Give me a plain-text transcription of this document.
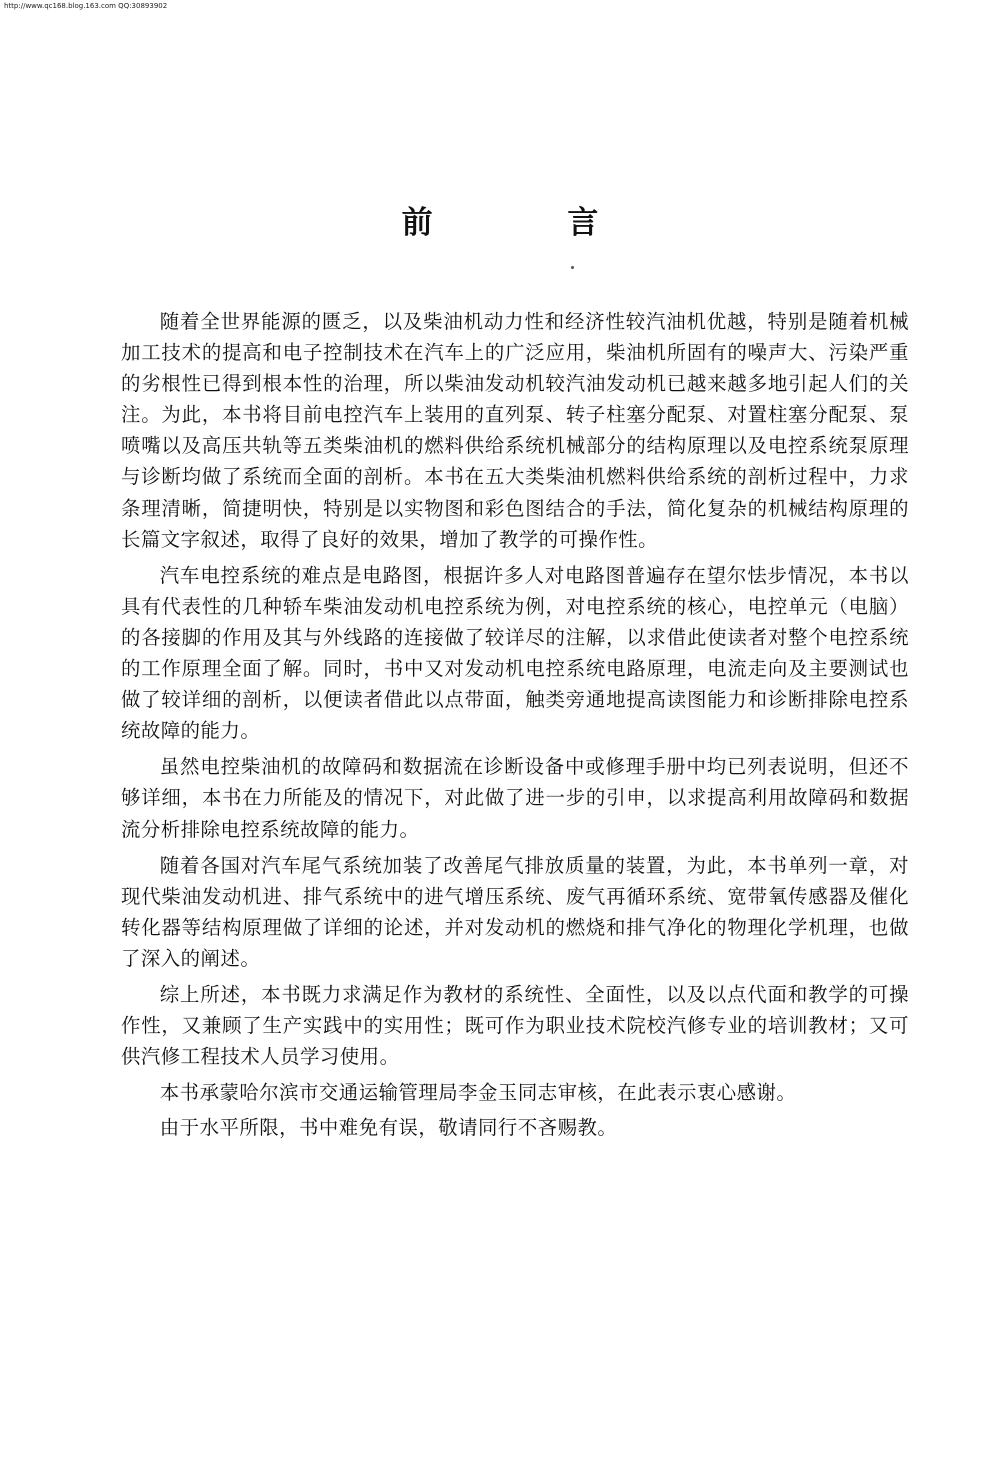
http://www.qc168.blog.163.com QQ:30893902
前 言

随着全世界能源的匮乏，以及柴油机动力性和经济性较汽油机优越，特别是随着机械加工技术的提高和电子控制技术在汽车上的广泛应用，柴油机所固有的噪声大、污染严重的劣根性已得到根本性的治理，所以柴油发动机较汽油发动机已越来越多地引起人们的关注。为此，本书将目前电控汽车上装用的直列泵、转子柱塞分配泵、对置柱塞分配泵、泵喷嘴以及高压共轨等五类柴油机的燃料供给系统机械部分的结构原理以及电控系统泵原理与诊断均做了系统而全面的剖析。本书在五大类柴油机燃料供给系统的剖析过程中，力求条理清晰，简捷明快，特别是以实物图和彩色图结合的手法，简化复杂的机械结构原理的长篇文字叙述，取得了良好的效果，增加了教学的可操作性。

汽车电控系统的难点是电路图，根据许多人对电路图普遍存在望尔怯步情况，本书以具有代表性的几种轿车柴油发动机电控系统为例，对电控系统的核心，电控单元（电脑）的各接脚的作用及其与外线路的连接做了较详尽的注解，以求借此使读者对整个电控系统的工作原理全面了解。同时，书中又对发动机电控系统电路原理，电流走向及主要测试也做了较详细的剖析，以便读者借此以点带面，触类旁通地提高读图能力和诊断排除电控系统故障的能力。

虽然电控柴油机的故障码和数据流在诊断设备中或修理手册中均已列表说明，但还不够详细，本书在力所能及的情况下，对此做了进一步的引申，以求提高利用故障码和数据流分析排除电控系统故障的能力。

随着各国对汽车尾气系统加装了改善尾气排放质量的装置，为此，本书单列一章，对现代柴油发动机进、排气系统中的进气增压系统、废气再循环系统、宽带氧传感器及催化转化器等结构原理做了详细的论述，并对发动机的燃烧和排气净化的物理化学机理，也做了深入的阐述。

综上所述，本书既力求满足作为教材的系统性、全面性，以及以点代面和教学的可操作性，又兼顾了生产实践中的实用性；既可作为职业技术院校汽修专业的培训教材；又可供汽修工程技术人员学习使用。

本书承蒙哈尔滨市交通运输管理局李金玉同志审核，在此表示衷心感谢。

由于水平所限，书中难免有误，敬请同行不吝赐教。
